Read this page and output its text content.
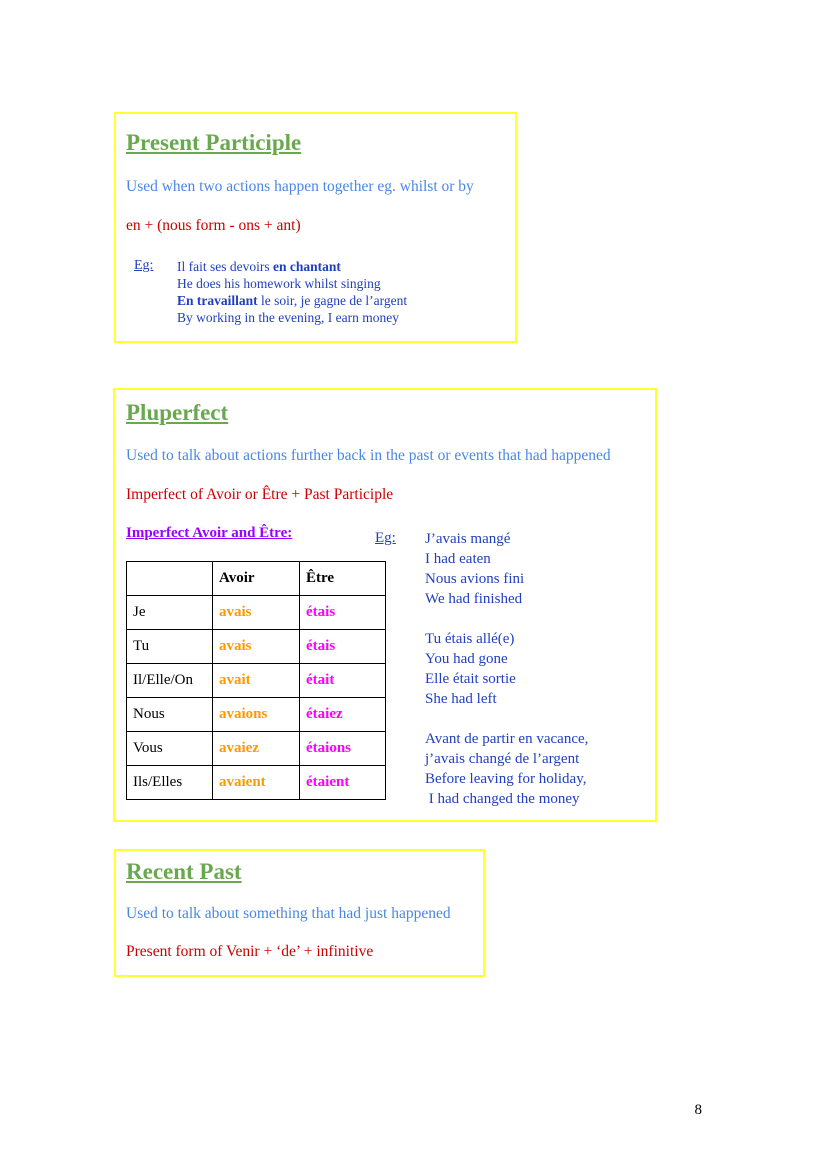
Present Participle
Used when two actions happen together eg. whilst or by
en + (nous form - ons + ant)
Eg: Il fait ses devoirs en chantant
He does his homework whilst singing
En travaillant le soir, je gagne de l’argent
By working in the evening, I earn money
Pluperfect
Used to talk about actions further back in the past or events that had happened
Imperfect of Avoir or Être + Past Participle
Imperfect Avoir and Être:	Eg:
	Avoir	Être
Je	avais	étais
Tu	avais	étais
Il/Elle/On	avait	était
Nous	avaions	étaiez
Vous	avaiez	étaions
Ils/Elles	avaient	étaient
J’avais mangé
I had eaten
Nous avions fini
We had finished
Tu étais allé(e)
You had gone
Elle était sortie
She had left
Avant de partir en vacance,
j’avais changé de l’argent
Before leaving for holiday,
I had changed the money
Recent Past
Used to talk about something that had just happened
Present form of Venir + ‘de’ + infinitive
8
